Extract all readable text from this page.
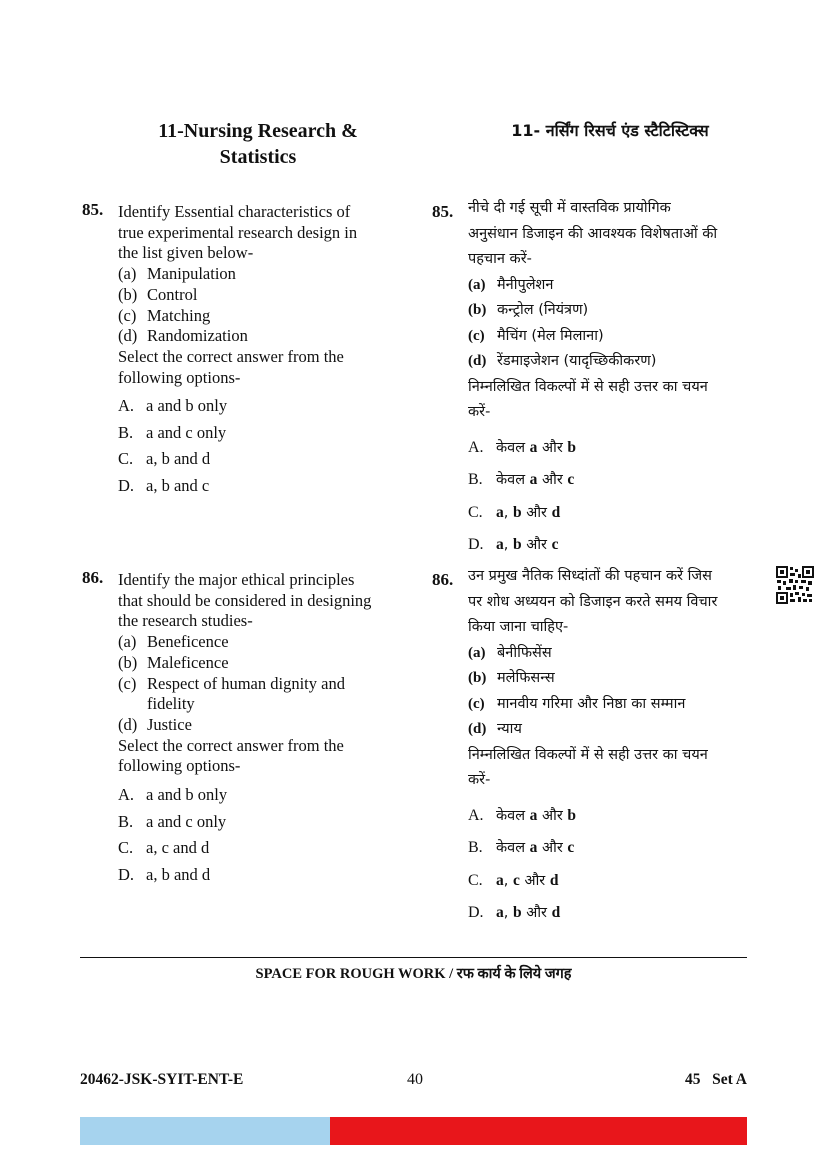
11-Nursing Research &
Statistics
11- नर्सिंग रिसर्च एंड स्टैटिस्टिक्स
85. Identify Essential characteristics of
true experimental research design in
the list given below-
(a) Manipulation
(b) Control
(c) Matching
(d) Randomization
Select the correct answer from the
following options-
A. a and b only
B. a and c only
C. a, b and d
D. a, b and c
86. Identify the major ethical principles
that should be considered in designing
the research studies-
(a) Beneficence
(b) Maleficence
(c) Respect of human dignity and
fidelity
(d) Justice
Select the correct answer from the
following options-
A. a and b only
B. a and c only
C. a, c and d
D. a, b and d
85. नीचे दी गई सूची में वास्तविक प्रायोगिक
अनुसंधान डिजाइन की आवश्यक विशेषताओं की
पहचान करें-
(a) मैनीपुलेशन
(b) कन्ट्रोल (नियंत्रण)
(c) मैचिंग (मेल मिलाना)
(d) रेंडमाइजेशन (यादृच्छिकीकरण)
निम्नलिखित विकल्पों में से सही उत्तर का चयन
करें-
A. केवल a और b
B. केवल a और c
C. a, b और d
D. a, b और c
86. उन प्रमुख नैतिक सिध्दांतों की पहचान करें जिस
पर शोध अध्ययन को डिजाइन करते समय विचार
किया जाना चाहिए-
(a) बेनीफिसेंस
(b) मलेफिसन्स
(c) मानवीय गरिमा और निष्ठा का सम्मान
(d) न्याय
निम्नलिखित विकल्पों में से सही उत्तर का चयन
करें-
A. केवल a और b
B. केवल a और c
C. a, c और d
D. a, b और d
SPACE FOR ROUGH WORK / रफ कार्य के लिये जगह
20462-JSK-SYIT-ENT-E	40	45   Set A
